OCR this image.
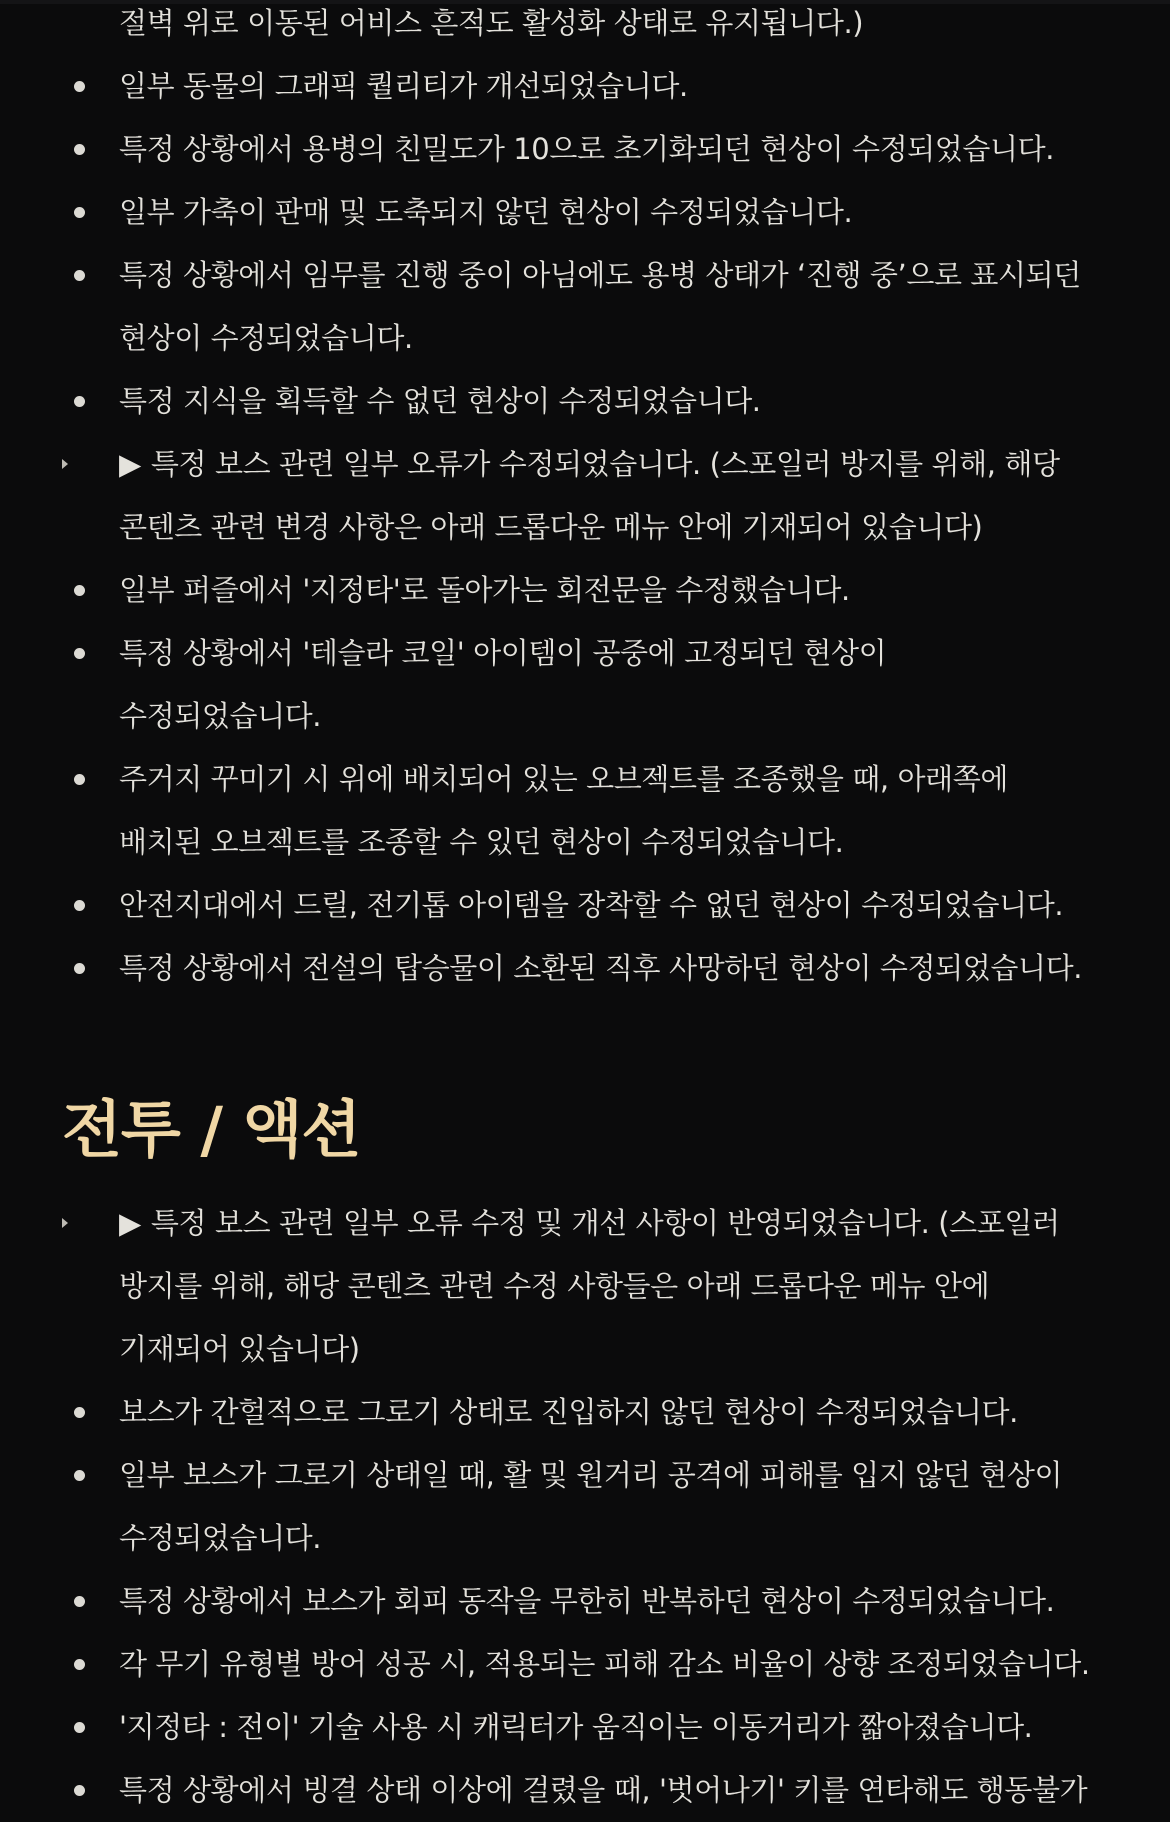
절벽 위로 이동된 어비스 흔적도 활성화 상태로 유지됩니다.)
일부 동물의 그래픽 퀄리티가 개선되었습니다.
특정 상황에서 용병의 친밀도가 10으로 초기화되던 현상이 수정되었습니다.
일부 가축이 판매 및 도축되지 않던 현상이 수정되었습니다.
특정 상황에서 임무를 진행 중이 아님에도 용병 상태가 ‘진행 중’으로 표시되던
현상이 수정되었습니다.
특정 지식을 획득할 수 없던 현상이 수정되었습니다.
▶ 특정 보스 관련 일부 오류가 수정되었습니다. (스포일러 방지를 위해, 해당
콘텐츠 관련 변경 사항은 아래 드롭다운 메뉴 안에 기재되어 있습니다)
일부 퍼즐에서 '지정타'로 돌아가는 회전문을 수정했습니다.
특정 상황에서 '테슬라 코일' 아이템이 공중에 고정되던 현상이
수정되었습니다.
주거지 꾸미기 시 위에 배치되어 있는 오브젝트를 조종했을 때, 아래쪽에
배치된 오브젝트를 조종할 수 있던 현상이 수정되었습니다.
안전지대에서 드릴, 전기톱 아이템을 장착할 수 없던 현상이 수정되었습니다.
특정 상황에서 전설의 탑승물이 소환된 직후 사망하던 현상이 수정되었습니다.
전투 / 액션
▶ 특정 보스 관련 일부 오류 수정 및 개선 사항이 반영되었습니다. (스포일러
방지를 위해, 해당 콘텐츠 관련 수정 사항들은 아래 드롭다운 메뉴 안에
기재되어 있습니다)
보스가 간헐적으로 그로기 상태로 진입하지 않던 현상이 수정되었습니다.
일부 보스가 그로기 상태일 때, 활 및 원거리 공격에 피해를 입지 않던 현상이
수정되었습니다.
특정 상황에서 보스가 회피 동작을 무한히 반복하던 현상이 수정되었습니다.
각 무기 유형별 방어 성공 시, 적용되는 피해 감소 비율이 상향 조정되었습니다.
'지정타 : 전이' 기술 사용 시 캐릭터가 움직이는 이동거리가 짧아졌습니다.
특정 상황에서 빙결 상태 이상에 걸렸을 때, '벗어나기' 키를 연타해도 행동불가
